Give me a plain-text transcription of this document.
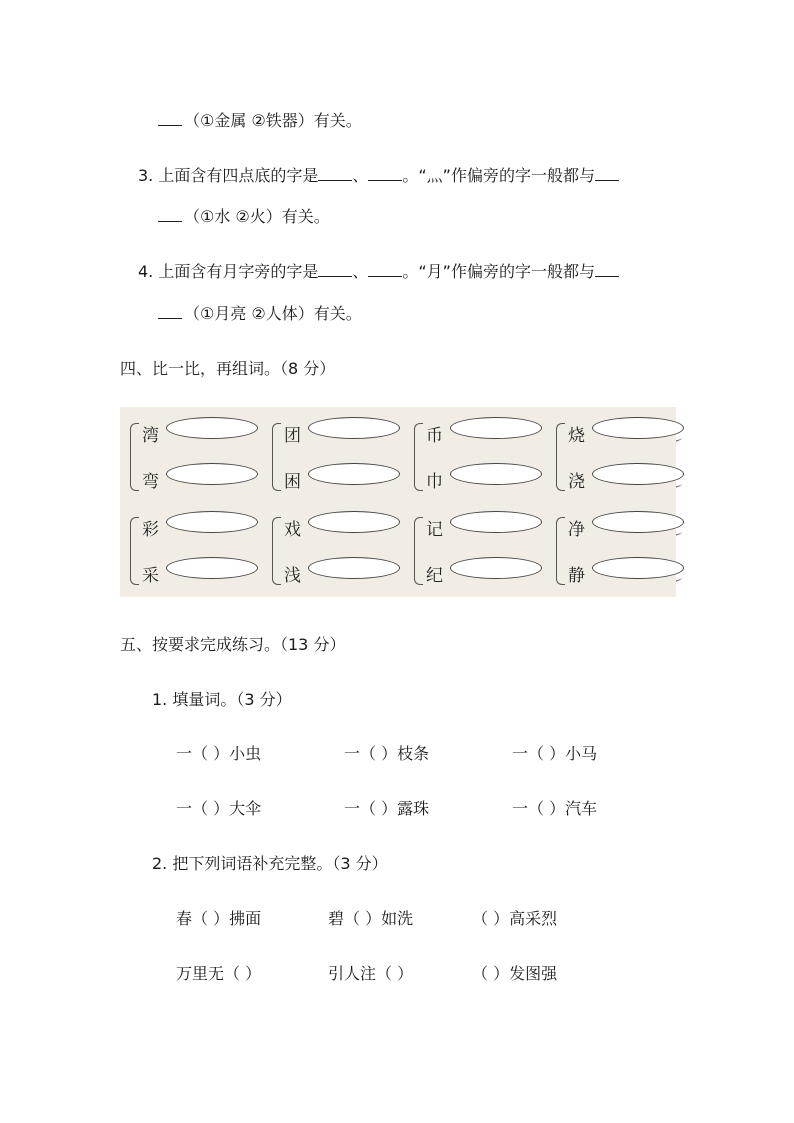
（①金属 ②铁器）有关。
3. 上面含有四点底的字是 、 。“灬”作偏旁的字一般都与
（①水 ②火）有关。
4. 上面含有月字旁的字是 、 。“月”作偏旁的字一般都与
（①月亮 ②人体）有关。
四、比一比，再组词。（8 分）
湾
弯
团
困
币
巾
烧
浇
彩
采
戏
浅
记
纪
净
静
五、按要求完成练习。（13 分）
1. 填量词。（3 分）
一（ ）小虫	一（ ）枝条	一（ ）小马
一（ ）大伞	一（ ）露珠	一（ ）汽车
2. 把下列词语补充完整。（3 分）
春（ ）拂面	碧（ ）如洗	（ ）高采烈
万里无（ ）	引人注（ ）	（ ）发图强
